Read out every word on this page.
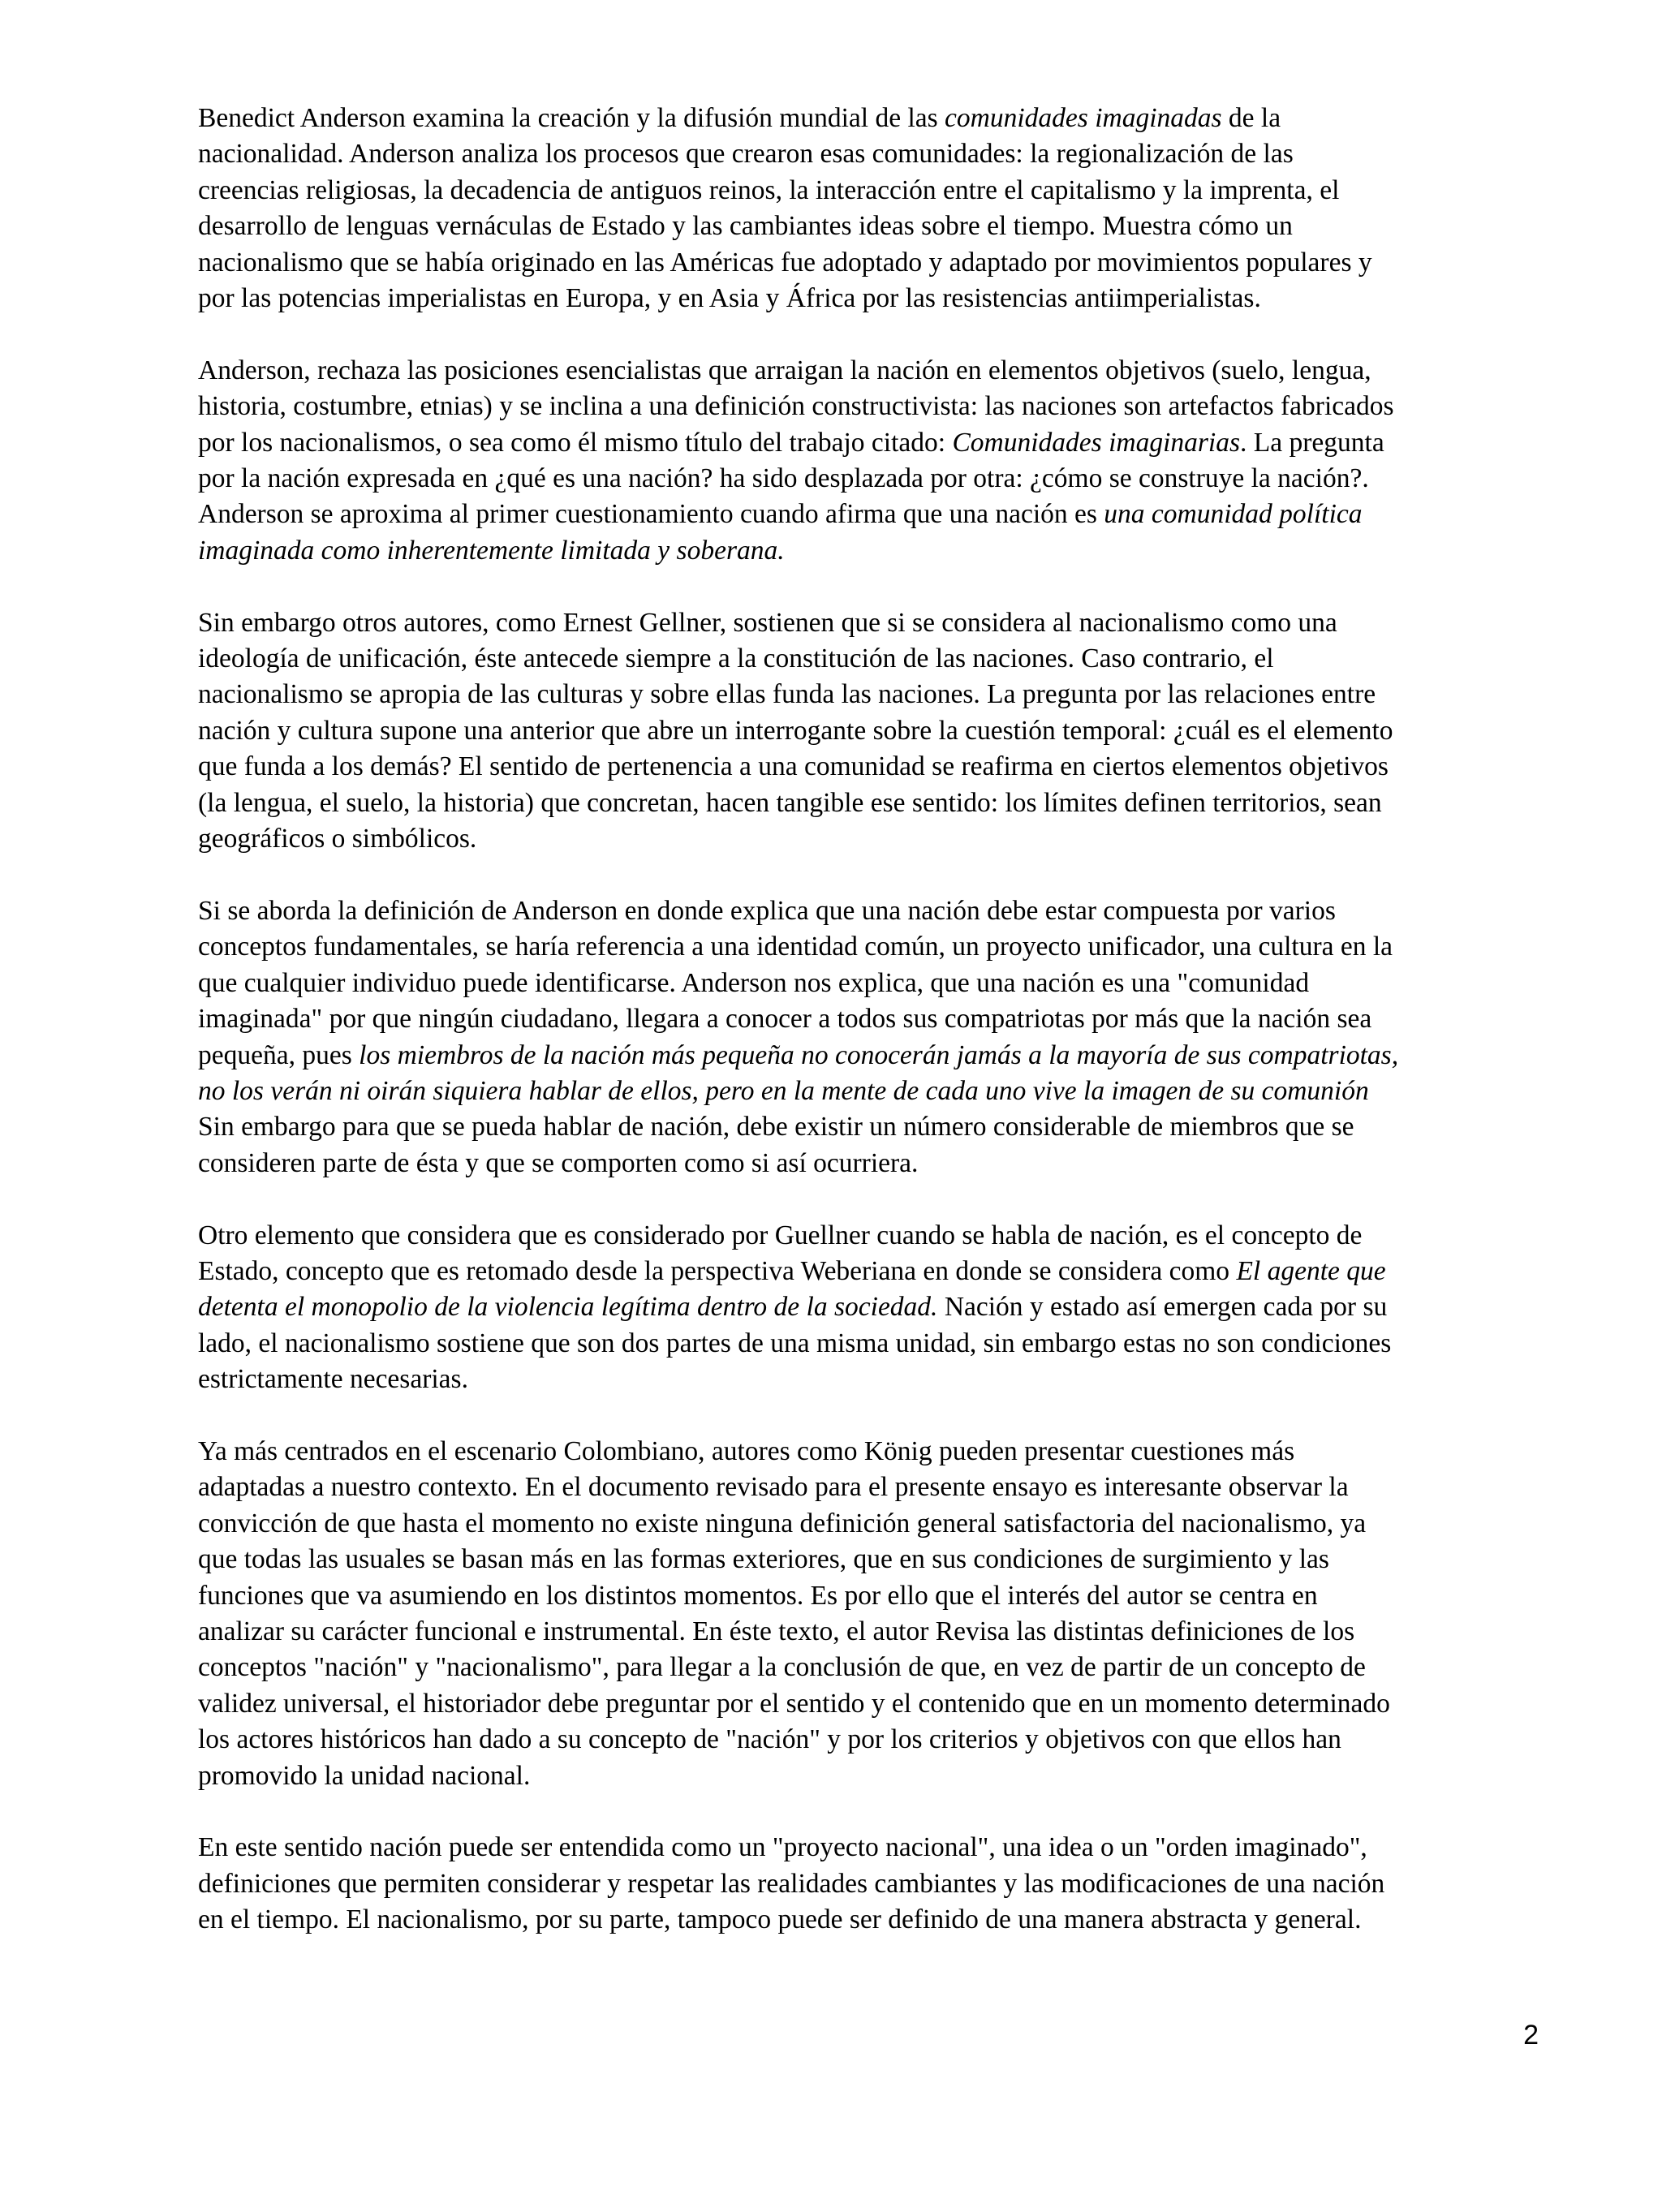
Benedict Anderson examina la creación y la difusión mundial de las comunidades imaginadas de la
nacionalidad. Anderson analiza los procesos que crearon esas comunidades: la regionalización de las
creencias religiosas, la decadencia de antiguos reinos, la interacción entre el capitalismo y la imprenta, el
desarrollo de lenguas vernáculas de Estado y las cambiantes ideas sobre el tiempo. Muestra cómo un
nacionalismo que se había originado en las Américas fue adoptado y adaptado por movimientos populares y
por las potencias imperialistas en Europa, y en Asia y África por las resistencias antiimperialistas.

Anderson, rechaza las posiciones esencialistas que arraigan la nación en elementos objetivos (suelo, lengua,
historia, costumbre, etnias) y se inclina a una definición constructivista: las naciones son artefactos fabricados
por los nacionalismos, o sea como él mismo título del trabajo citado: Comunidades imaginarias. La pregunta
por la nación expresada en ¿qué es una nación? ha sido desplazada por otra: ¿cómo se construye la nación?.
Anderson se aproxima al primer cuestionamiento cuando afirma que una nación es una comunidad política
imaginada como inherentemente limitada y soberana.

Sin embargo otros autores, como Ernest Gellner, sostienen que si se considera al nacionalismo como una
ideología de unificación, éste antecede siempre a la constitución de las naciones. Caso contrario, el
nacionalismo se apropia de las culturas y sobre ellas funda las naciones. La pregunta por las relaciones entre
nación y cultura supone una anterior que abre un interrogante sobre la cuestión temporal: ¿cuál es el elemento
que funda a los demás? El sentido de pertenencia a una comunidad se reafirma en ciertos elementos objetivos
(la lengua, el suelo, la historia) que concretan, hacen tangible ese sentido: los límites definen territorios, sean
geográficos o simbólicos.

Si se aborda la definición de Anderson en donde explica que una nación debe estar compuesta por varios
conceptos fundamentales, se haría referencia a una identidad común, un proyecto unificador, una cultura en la
que cualquier individuo puede identificarse. Anderson nos explica, que una nación es una "comunidad
imaginada" por que ningún ciudadano, llegara a conocer a todos sus compatriotas por más que la nación sea
pequeña, pues los miembros de la nación más pequeña no conocerán jamás a la mayoría de sus compatriotas,
no los verán ni oirán siquiera hablar de ellos, pero en la mente de cada uno vive la imagen de su comunión
Sin embargo para que se pueda hablar de nación, debe existir un número considerable de miembros que se
consideren parte de ésta y que se comporten como si así ocurriera.

Otro elemento que considera que es considerado por Guellner cuando se habla de nación, es el concepto de
Estado, concepto que es retomado desde la perspectiva Weberiana en donde se considera como El agente que
detenta el monopolio de la violencia legítima dentro de la sociedad. Nación y estado así emergen cada por su
lado, el nacionalismo sostiene que son dos partes de una misma unidad, sin embargo estas no son condiciones
estrictamente necesarias.

Ya más centrados en el escenario Colombiano, autores como König pueden presentar cuestiones más
adaptadas a nuestro contexto. En el documento revisado para el presente ensayo es interesante observar la
convicción de que hasta el momento no existe ninguna definición general satisfactoria del nacionalismo, ya
que todas las usuales se basan más en las formas exteriores, que en sus condiciones de surgimiento y las
funciones que va asumiendo en los distintos momentos. Es por ello que el interés del autor se centra en
analizar su carácter funcional e instrumental. En éste texto, el autor Revisa las distintas definiciones de los
conceptos "nación" y "nacionalismo", para llegar a la conclusión de que, en vez de partir de un concepto de
validez universal, el historiador debe preguntar por el sentido y el contenido que en un momento determinado
los actores históricos han dado a su concepto de "nación" y por los criterios y objetivos con que ellos han
promovido la unidad nacional.

En este sentido nación puede ser entendida como un "proyecto nacional", una idea o un "orden imaginado",
definiciones que permiten considerar y respetar las realidades cambiantes y las modificaciones de una nación
en el tiempo. El nacionalismo, por su parte, tampoco puede ser definido de una manera abstracta y general.

2
